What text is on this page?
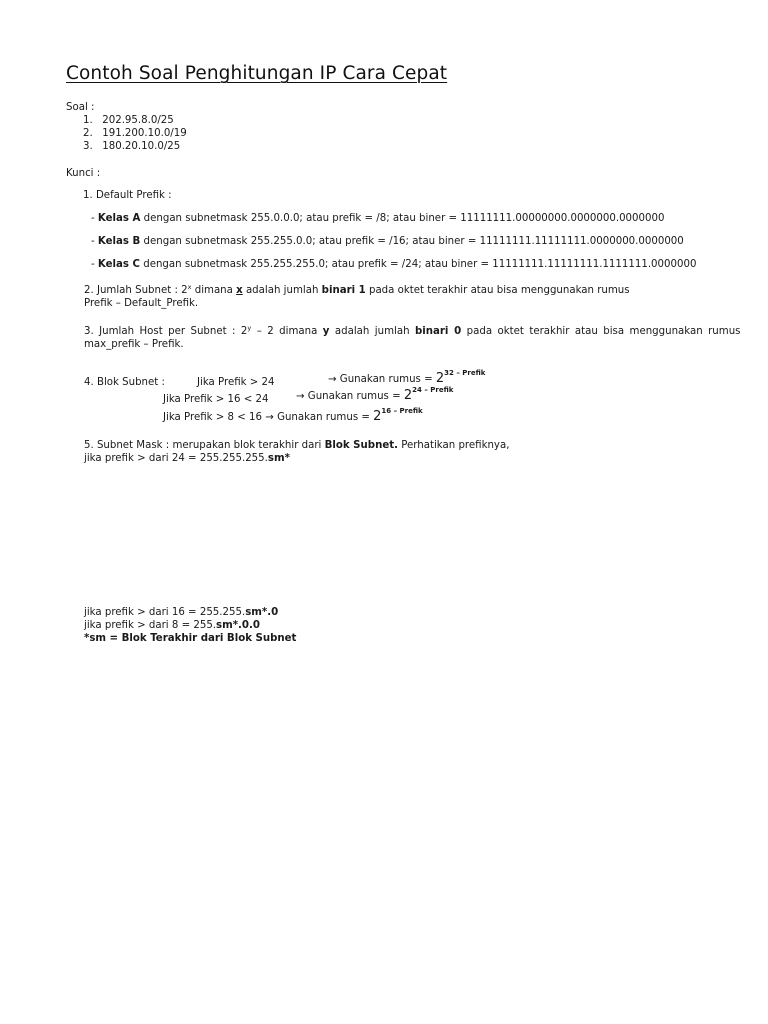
Contoh Soal Penghitungan IP Cara Cepat
Soal :
1. 202.95.8.0/25
2. 191.200.10.0/19
3. 180.20.10.0/25
Kunci :
1. Default Prefik :
- Kelas A dengan subnetmask 255.0.0.0; atau prefik = /8; atau biner = 11111111.00000000.0000000.0000000
- Kelas B dengan subnetmask 255.255.0.0; atau prefik = /16; atau biner = 11111111.11111111.0000000.0000000
- Kelas C dengan subnetmask 255.255.255.0; atau prefik = /24; atau biner = 11111111.11111111.1111111.0000000
2. Jumlah Subnet : 2$^x$ dimana x adalah jumlah binari 1 pada oktet terakhir atau bisa menggunakan rumus
Prefik – Default_Prefik.
3. Jumlah Host per Subnet : 2$^y$ – 2 dimana y adalah jumlah binari 0 pada oktet terakhir atau bisa menggunakan rumus
max_prefik – Prefik.
4. Blok Subnet :	Jika Prefik > 24	→ Gunakan rumus = $2^{32 - Prefik}$
Jika Prefik > 16 < 24	→ Gunakan rumus = $2^{24 - Prefik}$
Jika Prefik > 8 < 16 → Gunakan rumus = $2^{16 - Prefik}$
5. Subnet Mask : merupakan blok terakhir dari Blok Subnet. Perhatikan prefiknya,
jika prefik > dari 24 = 255.255.255.sm*
jika prefik > dari 16 = 255.255.sm*.0
jika prefik > dari 8 = 255.sm*.0.0
*sm = Blok Terakhir dari Blok Subnet
